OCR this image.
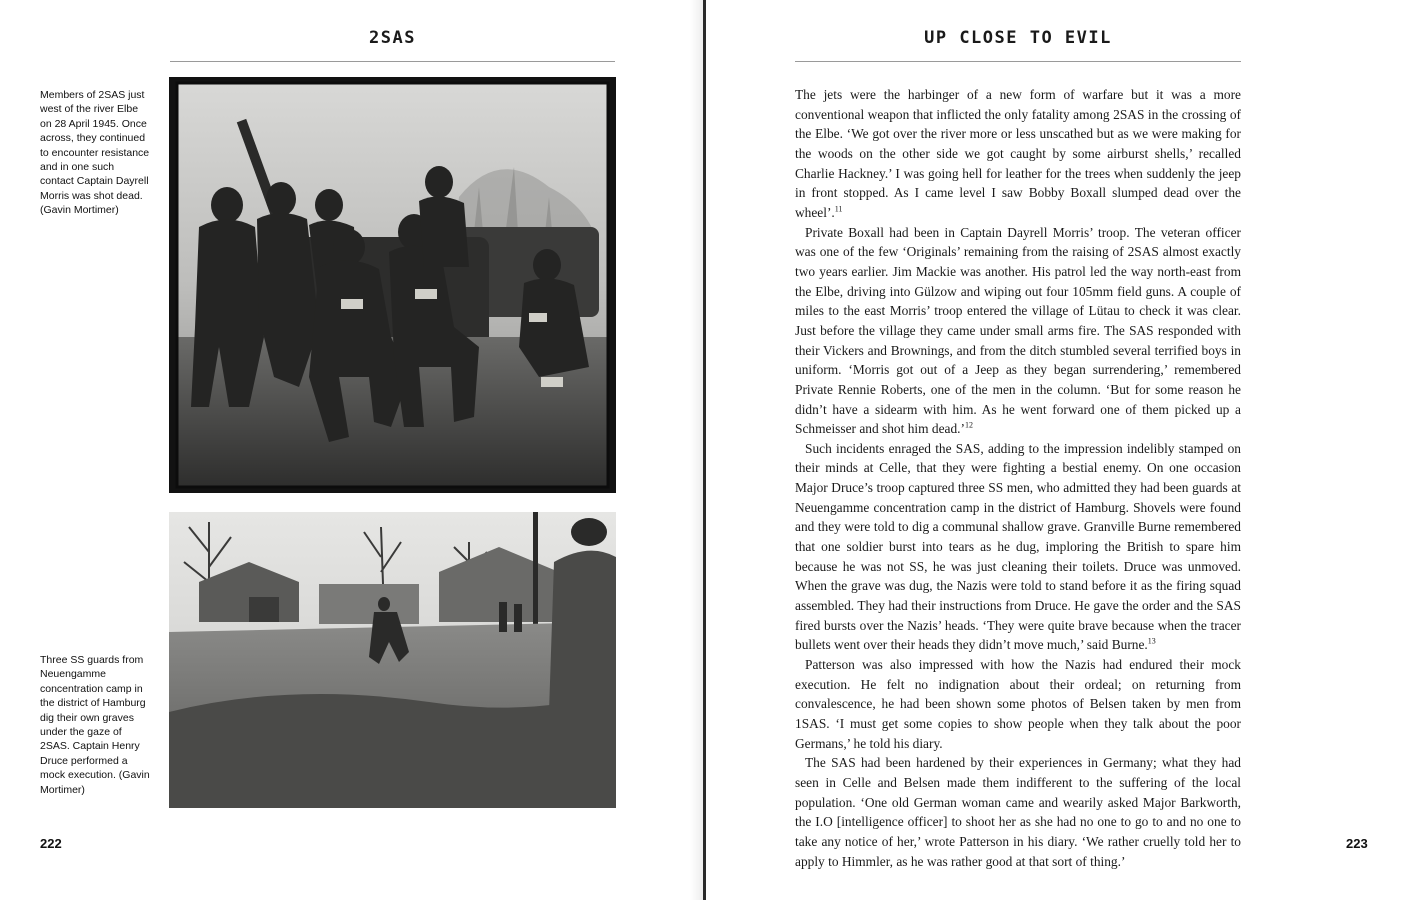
2SAS
Members of 2SAS just west of the river Elbe on 28 April 1945. Once across, they continued to encounter resistance and in one such contact Captain Dayrell Morris was shot dead. (Gavin Mortimer)
Three SS guards from Neuengamme concentration camp in the district of Hamburg dig their own graves under the gaze of 2SAS. Captain Henry Druce performed a mock execution. (Gavin Mortimer)
222
UP CLOSE TO EVIL

The jets were the harbinger of a new form of warfare but it was a more conventional weapon that inflicted the only fatality among 2SAS in the crossing of the Elbe. ‘We got over the river more or less unscathed but as we were making for the woods on the other side we got caught by some airburst shells,’ recalled Charlie Hackney.’ I was going hell for leather for the trees when suddenly the jeep in front stopped. As I came level I saw Bobby Boxall slumped dead over the wheel’.$^{11}$

Private Boxall had been in Captain Dayrell Morris’ troop. The veteran officer was one of the few ‘Originals’ remaining from the raising of 2SAS almost exactly two years earlier. Jim Mackie was another. His patrol led the way north-east from the Elbe, driving into Gülzow and wiping out four 105mm field guns. A couple of miles to the east Morris’ troop entered the village of Lütau to check it was clear. Just before the village they came under small arms fire. The SAS responded with their Vickers and Brownings, and from the ditch stumbled several terrified boys in uniform. ‘Morris got out of a Jeep as they began surrendering,’ remembered Private Rennie Roberts, one of the men in the column. ‘But for some reason he didn’t have a sidearm with him. As he went forward one of them picked up a Schmeisser and shot him dead.’$^{12}$

Such incidents enraged the SAS, adding to the impression indelibly stamped on their minds at Celle, that they were fighting a bestial enemy. On one occasion Major Druce’s troop captured three SS men, who admitted they had been guards at Neuengamme concentration camp in the district of Hamburg. Shovels were found and they were told to dig a communal shallow grave. Granville Burne remembered that one soldier burst into tears as he dug, imploring the British to spare him because he was not SS, he was just cleaning their toilets. Druce was unmoved. When the grave was dug, the Nazis were told to stand before it as the firing squad assembled. They had their instructions from Druce. He gave the order and the SAS fired bursts over the Nazis’ heads. ‘They were quite brave because when the tracer bullets went over their heads they didn’t move much,’ said Burne.$^{13}$

Patterson was also impressed with how the Nazis had endured their mock execution. He felt no indignation about their ordeal; on returning from convalescence, he had been shown some photos of Belsen taken by men from 1SAS. ‘I must get some copies to show people when they talk about the poor Germans,’ he told his diary.

The SAS had been hardened by their experiences in Germany; what they had seen in Celle and Belsen made them indifferent to the suffering of the local population. ‘One old German woman came and wearily asked Major Barkworth, the I.O [intelligence officer] to shoot her as she had no one to go to and no one to take any notice of her,’ wrote Patterson in his diary. ‘We rather cruelly told her to apply to Himmler, as he was rather good at that sort of thing.’

223
